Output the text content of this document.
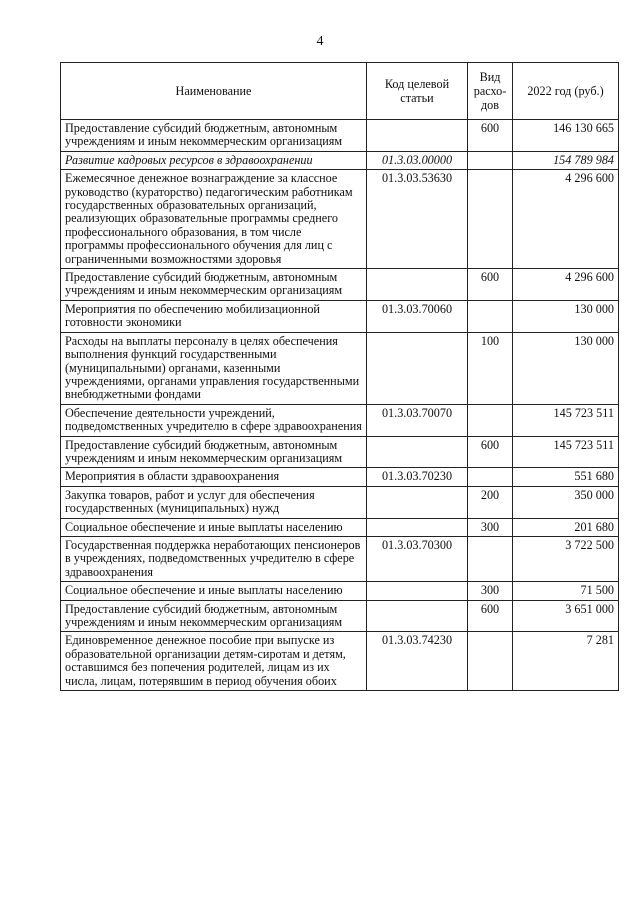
4
Наименование	Код целевой статьи	Вид расхо-дов	2022 год (руб.)
Предоставление субсидий бюджетным, автономным учреждениям и иным некоммерческим организациям		600	146 130 665
Развитие кадровых ресурсов в здравоохранении	01.3.03.00000		154 789 984
Ежемесячное денежное вознаграждение за классное руководство (кураторство) педагогическим работникам государственных образовательных организаций, реализующих образовательные программы среднего профессионального образования, в том числе программы профессионального обучения для лиц с ограниченными возможностями здоровья	01.3.03.53630		4 296 600
Предоставление субсидий бюджетным, автономным учреждениям и иным некоммерческим организациям		600	4 296 600
Мероприятия по обеспечению мобилизационной готовности экономики	01.3.03.70060		130 000
Расходы на выплаты персоналу в целях обеспечения выполнения функций государственными (муниципальными) органами, казенными учреждениями, органами управления государственными внебюджетными фондами		100	130 000
Обеспечение деятельности учреждений, подведомственных учредителю в сфере здравоохранения	01.3.03.70070		145 723 511
Предоставление субсидий бюджетным, автономным учреждениям и иным некоммерческим организациям		600	145 723 511
Мероприятия в области здравоохранения	01.3.03.70230		551 680
Закупка товаров, работ и услуг для обеспечения государственных (муниципальных) нужд		200	350 000
Социальное обеспечение и иные выплаты населению		300	201 680
Государственная поддержка неработающих пенсионеров в учреждениях, подведомственных учредителю в сфере здравоохранения	01.3.03.70300		3 722 500
Социальное обеспечение и иные выплаты населению		300	71 500
Предоставление субсидий бюджетным, автономным учреждениям и иным некоммерческим организациям		600	3 651 000
Единовременное денежное пособие при выпуске из образовательной организации детям-сиротам и детям, оставшимся без попечения родителей, лицам из их числа, лицам, потерявшим в период обучения обоих	01.3.03.74230		7 281
